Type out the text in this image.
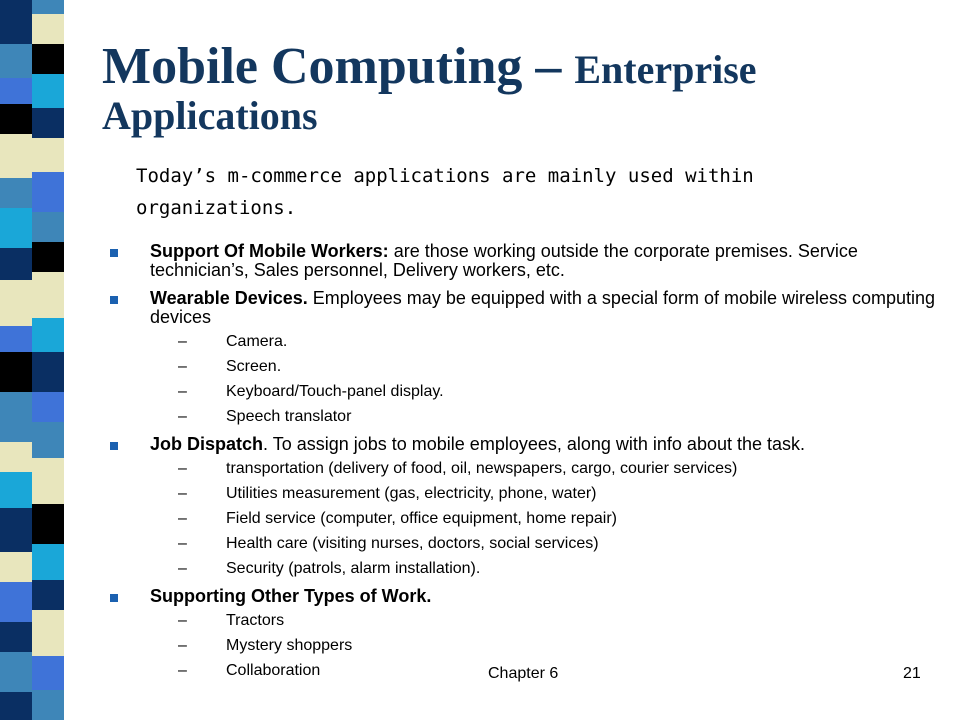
Mobile Computing – Enterprise Applications
Today’s m-commerce applications are mainly used within organizations.
Support Of Mobile Workers: are those working outside the corporate premises. Service technician’s, Sales personnel, Delivery workers, etc.
Wearable Devices. Employees may be equipped with a special form of mobile wireless computing devices
– Camera.
– Screen.
– Keyboard/Touch-panel display.
– Speech translator
Job Dispatch. To assign jobs to mobile employees, along with info about the task.
– transportation (delivery of food, oil, newspapers, cargo, courier services)
– Utilities measurement (gas, electricity, phone, water)
– Field service (computer, office equipment, home repair)
– Health care (visiting nurses, doctors, social services)
– Security (patrols, alarm installation).
Supporting Other Types of Work.
– Tractors
– Mystery shoppers
– Collaboration	Chapter 6	21
